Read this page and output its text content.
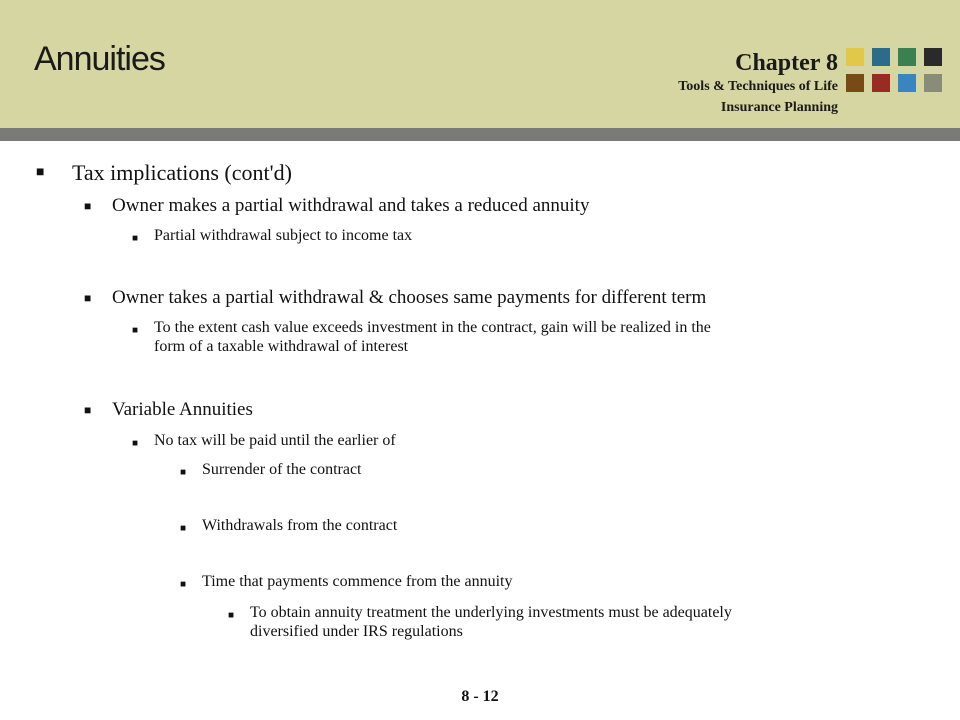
Annuities	Chapter 8
Tools & Techniques of Life
Insurance Planning
■ Tax implications (cont'd)
■ Owner makes a partial withdrawal and takes a reduced annuity
■ Partial withdrawal subject to income tax
■ Owner takes a partial withdrawal & chooses same payments for different term
■ To the extent cash value exceeds investment in the contract, gain will be realized in the
form of a taxable withdrawal of interest
■ Variable Annuities
■ No tax will be paid until the earlier of
■ Surrender of the contract
■ Withdrawals from the contract
■ Time that payments commence from the annuity
■ To obtain annuity treatment the underlying investments must be adequately
diversified under IRS regulations
8 - 12
